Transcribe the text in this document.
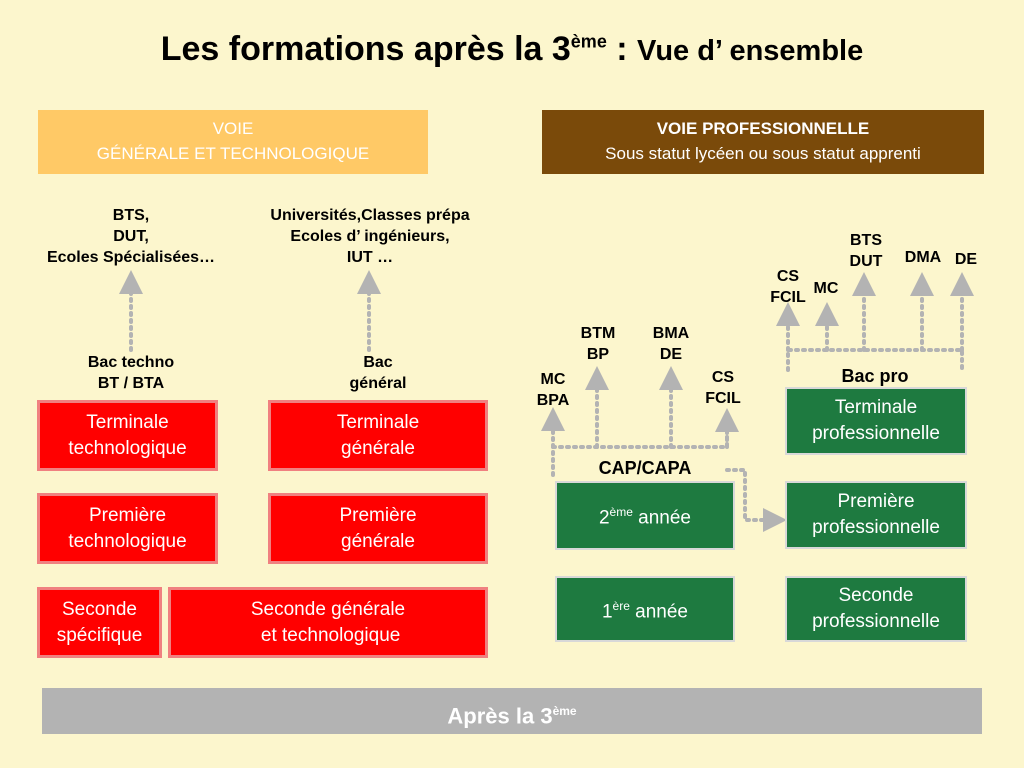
Les formations après la 3ème : Vue d’ ensemble
VOIE
GÉNÉRALE ET TECHNOLOGIQUE
VOIE PROFESSIONNELLE
Sous statut lycéen ou sous statut apprenti
BTS,
DUT,
Ecoles Spécialisées…
Universités,Classes prépa
Ecoles d’ ingénieurs,
IUT …
Bac techno
BT / BTA
Bac
général
Terminale
technologique
Terminale
générale
Première
technologique
Première
générale
Seconde
spécifique
Seconde générale
et technologique
MC
BPA
BTM
BP
BMA
DE
CS
FCIL
CAP/CAPA
CS
FCIL
MC
BTS
DUT	DMA DE
Bac pro
2ème année
1ère année
Terminale
professionnelle
Première
professionnelle
Seconde
professionnelle
Après la 3ème
